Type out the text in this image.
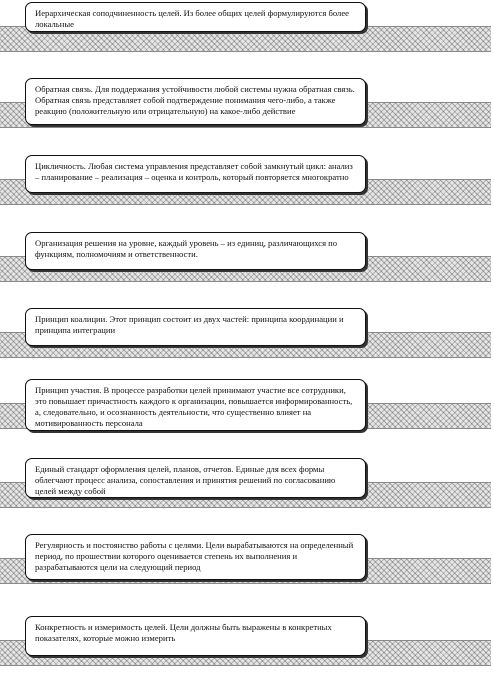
Иерархическая соподчиненность целей. Из более общих целей формулируются более локальные
Обратная связь. Для поддержания устойчивости любой системы нужна обратная связь. Обратная связь представляет собой подтверждение понимания чего-либо, а также реакцию (положительную или отрицательную) на какое-либо действие
Цикличность. Любая система управления представляет собой замкнутый цикл: анализ – планирование – реализация – оценка и контроль, который повторяется многократно
Организация решения на уровне, каждый уровень – из единиц, различающихся по функциям, полномочиям и ответственности.
Принцип коалиции. Этот принцип состоит из двух частей: принципа координации и принципа интеграции
Принцип участия. В процессе разработки целей принимают участие все сотрудники, это повышает причастность каждого к организации, повышается информированность, а, следовательно, и осознанность деятельности, что существенно влияет на мотивированность персонала
Единый стандарт оформления целей, планов, отчетов. Единые для всех формы облегчают процесс анализа, сопоставления и принятия решений по согласованию целей между собой
Регулярность и постоянство работы с целями. Цели вырабатываются на определенный период, по прошествии которого оценивается степень их выполнения и разрабатываются цели на следующий период
Конкретность и измеримость целей. Цели должны быть выражены в конкретных показателях, которые можно измерить
